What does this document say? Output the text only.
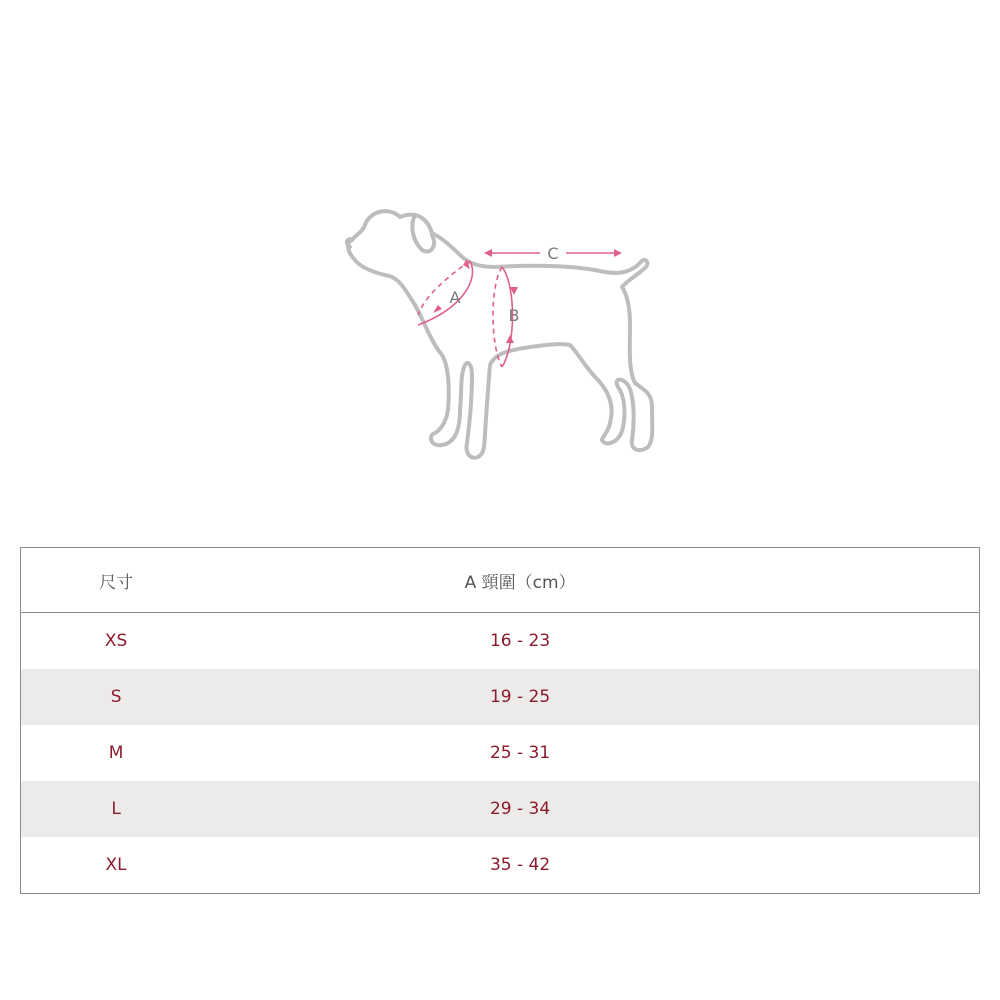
C
A
B
尺寸	A 頸圍（cm）
XS	16 - 23
S	19 - 25
M	25 - 31
L	29 - 34
XL	35 - 42
